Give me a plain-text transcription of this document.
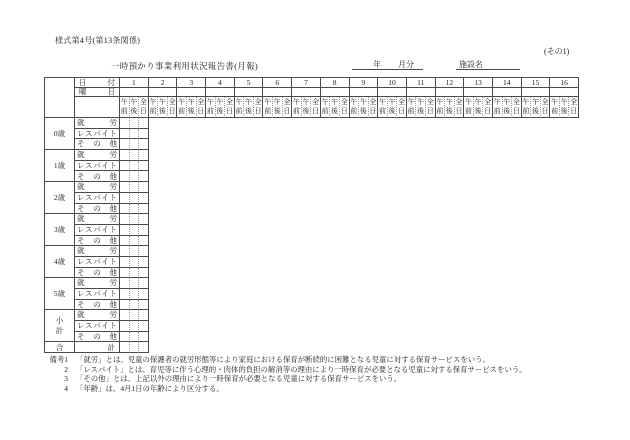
様式第4号(第13条関係)
(その1)
一時預かり事業利用状況報告書(月報)	年 月分	施設名
	日付	1			2			3			4			5			6			7			8			9			10			11			12			13			14			15			16		
	曜日																																																

		午前	午後	全日	午前	午後	全日	午前	午後	全日	午前	午後	全日	午前	午後	全日	午前	午後	全日	午前	午後	全日	午前	午後	全日	午前	午後	全日	午前	午後	全日	午前	午後	全日	午前	午後	全日	午前	午後	全日	午前	午後	全日	午前	午後	全日	午前	午後	全日

0歳	就労																																																
	レスパイト																																																
	その他																																																
1歳	就労																																																
	レスパイト																																																
	その他																																																
2歳	就労																																																
	レスパイト																																																
	その他																																																
3歳	就労																																																
	レスパイト																																																
	その他																																																
4歳	就労																																																
	レスパイト																																																
	その他																																																
5歳	就労																																																
	レスパイト																																																
	その他																																																

小計	就労																																																
	レスパイト																																																
	その他																																																
合	計																																																
備考1 「就労」とは、児童の保護者の就労形態等により家庭における保育が断続的に困難となる児童に対する保育サービスをいう。
2 「レスパイト」とは、育児等に伴う心理的・肉体的負担の解消等の理由により一時保育が必要となる児童に対する保育サービスをいう。
3 「その他」とは、上記以外の理由により一時保育が必要となる児童に対する保育サービスをいう。
4 「年齢」は、4月1日の年齢により区分する。
